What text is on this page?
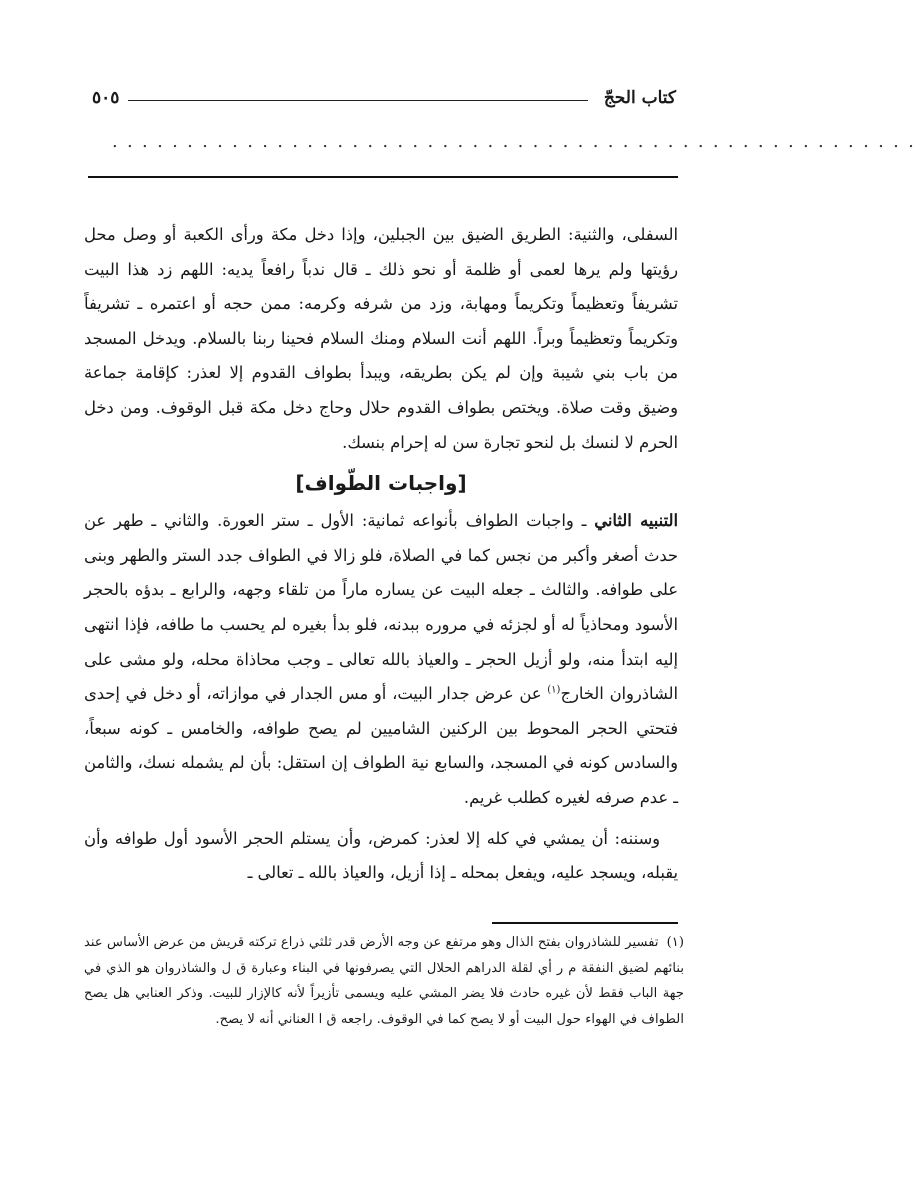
كتاب الحجّ
٥٠٥
......................................................

السفلى، والثنية: الطريق الضيق بين الجبلين، وإذا دخل مكة ورأى الكعبة أو وصل محل رؤيتها ولم يرها لعمى أو ظلمة أو نحو ذلك ـ قال ندباً رافعاً يديه: اللهم زد هذا البيت تشريفاً وتعظيماً وتكريماً ومهابة، وزد من شرفه وكرمه: ممن حجه أو اعتمره ـ تشريفاً وتكريماً وتعظيماً وبراً. اللهم أنت السلام ومنك السلام فحينا ربنا بالسلام. ويدخل المسجد من باب بني شيبة وإن لم يكن بطريقه، ويبدأ بطواف القدوم إلا لعذر: كإقامة جماعة وضيق وقت صلاة. ويختص بطواف القدوم حلال وحاج دخل مكة قبل الوقوف. ومن دخل الحرم لا لنسك بل لنحو تجارة سن له إحرام بنسك.

[واجبات الطّواف]

التنبيه الثاني ـ واجبات الطواف بأنواعه ثمانية: الأول ـ ستر العورة. والثاني ـ طهر عن حدث أصغر وأكبر من نجس كما في الصلاة، فلو زالا في الطواف جدد الستر والطهر وبنى على طوافه. والثالث ـ جعله البيت عن يساره ماراً من تلقاء وجهه، والرابع ـ بدؤه بالحجر الأسود ومحاذياً له أو لجزئه في مروره ببدنه، فلو بدأ بغيره لم يحسب ما طافه، فإذا انتهى إليه ابتدأ منه، ولو أزيل الحجر ـ والعياذ بالله تعالى ـ وجب محاذاة محله، ولو مشى على الشاذروان الخارج$^{(١)}$ عن عرض جدار البيت، أو مس الجدار في موازاته، أو دخل في إحدى فتحتي الحجر المحوط بين الركنين الشاميين لم يصح طوافه، والخامس ـ كونه سبعاً، والسادس كونه في المسجد، والسابع نية الطواف إن استقل: بأن لم يشمله نسك، والثامن ـ عدم صرفه لغيره كطلب غريم.

وسننه: أن يمشي في كله إلا لعذر: كمرض، وأن يستلم الحجر الأسود أول طوافه وأن يقبله، ويسجد عليه، ويفعل بمحله ـ إذا أزيل، والعياذ بالله ـ تعالى ـ

(١)تفسير للشاذروان بفتح الذال وهو مرتفع عن وجه الأرض قدر ثلثي ذراع تركته قريش من عرض الأساس عند بنائهم لضيق النفقة م ر أي لقلة الدراهم الحلال التي يصرفونها في البناء وعبارة ق ل والشاذروان هو الذي في جهة الباب فقط لأن غيره حادث فلا يضر المشي عليه ويسمى تأزيراً لأنه كالإزار للبيت. وذكر العنابي هل يصح الطواف في الهواء حول البيت أو لا يصح كما في الوقوف. راجعه ق ا العناني أنه لا يصح.
